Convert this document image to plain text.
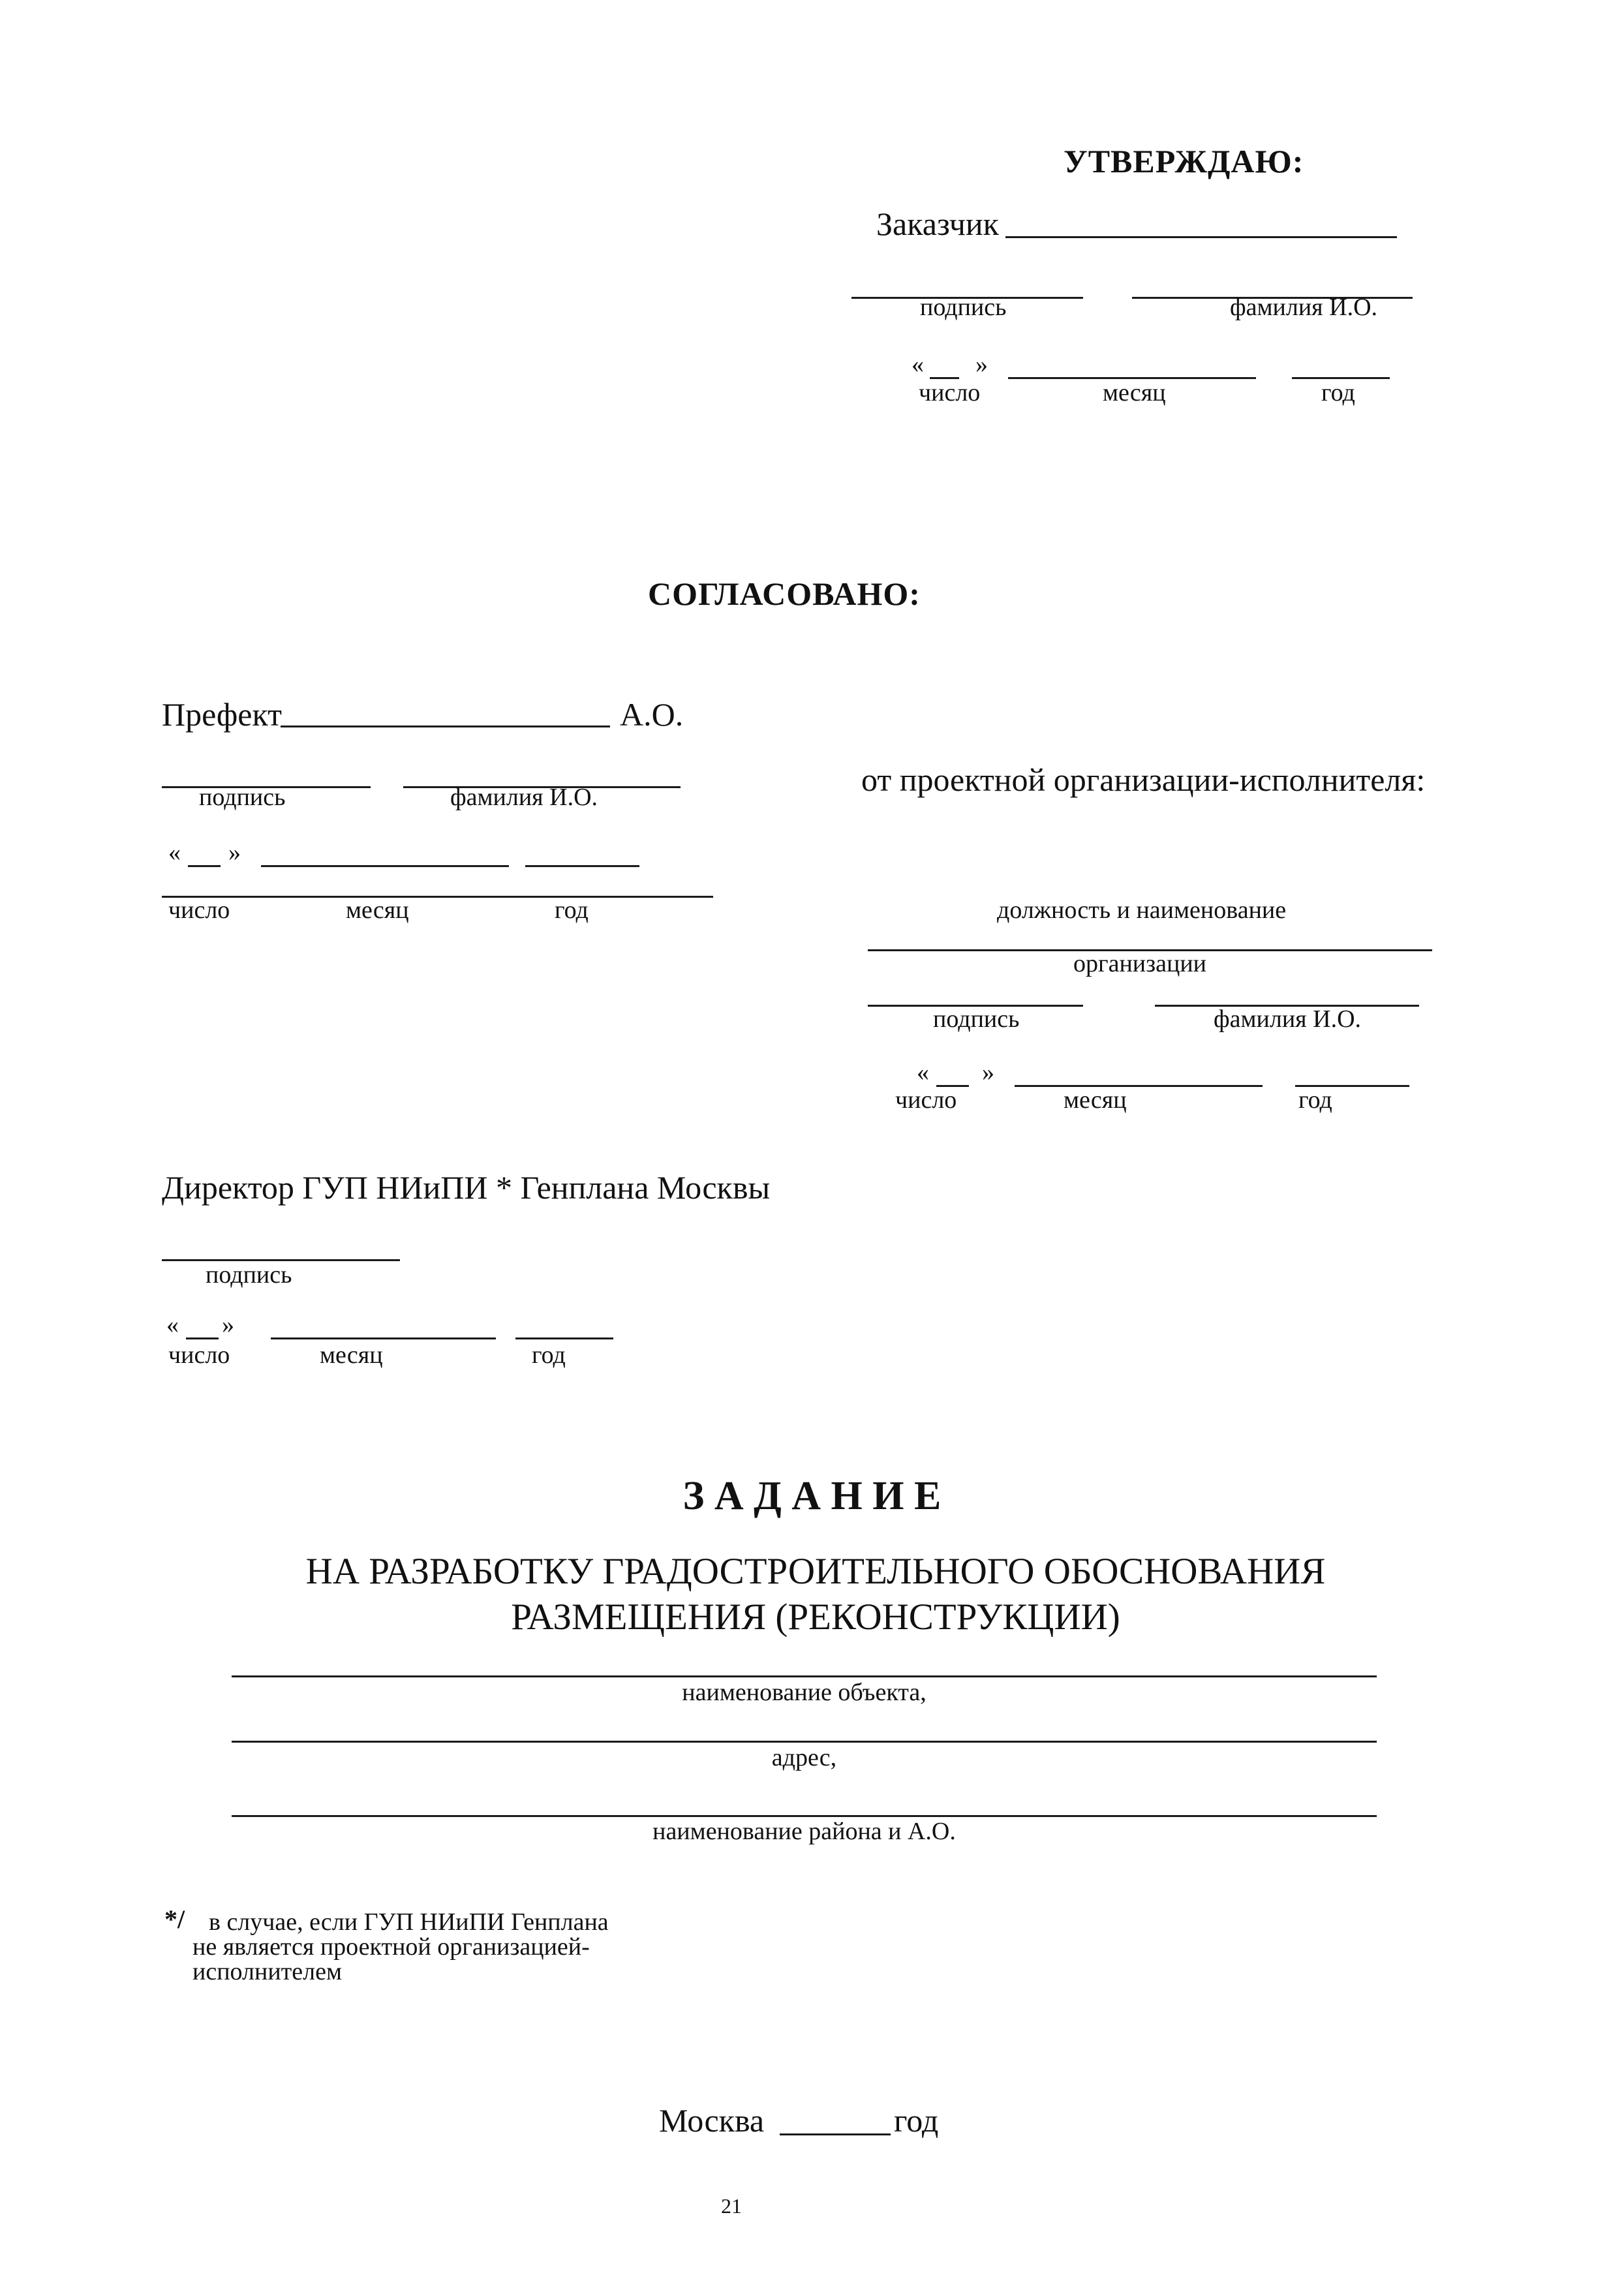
УТВЕРЖДАЮ:
Заказчик
подпись	фамилия И.О.
« »
число	месяц	год
СОГЛАСОВАНО:
Префект	А.О.
подпись	фамилия И.О.
« »
число	месяц	год
от проектной организации-исполнителя:
должность и наименование
организации
подпись	фамилия И.О.
« »
число	месяц	год
Директор ГУП НИиПИ * Генплана Москвы
подпись
« »
число	месяц	год
З А Д А Н И Е
НА РАЗРАБОТКУ ГРАДОСТРОИТЕЛЬНОГО ОБОСНОВАНИЯ
РАЗМЕЩЕНИЯ (РЕКОНСТРУКЦИИ)
наименование объекта,
адрес,
наименование района и А.О.
*/ в случае, если ГУП НИиПИ Генплана
не является проектной организацией-
исполнителем
Москва	год
21
